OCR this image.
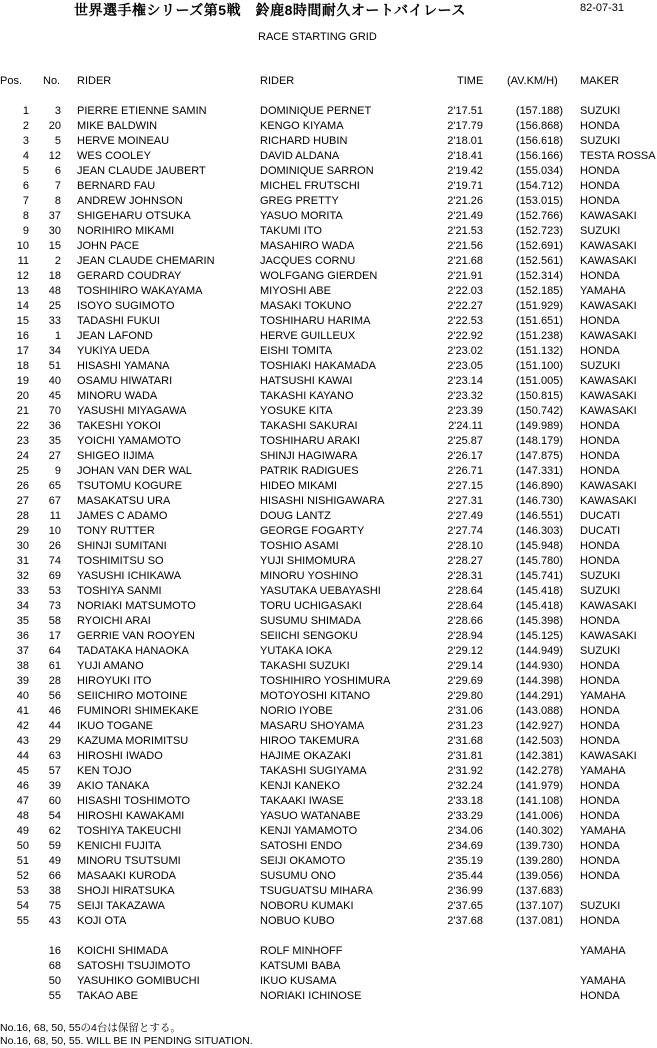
世界選手権シリーズ第5戦　鈴鹿8時間耐久オートバイレース	82-07-31
RACE STARTING GRID
Pos. No. RIDER	RIDER	TIME (AV.KM/H) MAKER
1	3 PIERRE ETIENNE SAMIN	DOMINIQUE PERNET	2'17.51	(157.188) SUZUKI
2	20 MIKE BALDWIN	KENGO KIYAMA	2'17.79	(156.868) HONDA
3	5 HERVE MOINEAU	RICHARD HUBIN	2'18.01	(156.618) SUZUKI
4	12 WES COOLEY	DAVID ALDANA	2'18.41	(156.166) TESTA ROSSA
5	6 JEAN CLAUDE JAUBERT	DOMINIQUE SARRON	2'19.42	(155.034) HONDA
6	7 BERNARD FAU	MICHEL FRUTSCHI	2'19.71	(154.712) HONDA
7	8 ANDREW JOHNSON	GREG PRETTY	2'21.26	(153.015) HONDA
8	37 SHIGEHARU OTSUKA	YASUO MORITA	2'21.49	(152.766) KAWASAKI
9	30 NORIHIRO MIKAMI	TAKUMI ITO	2'21.53	(152.723) SUZUKI
10	15 JOHN PACE	MASAHIRO WADA	2'21.56	(152.691) KAWASAKI
11	2 JEAN CLAUDE CHEMARIN	JACQUES CORNU	2'21.68	(152.561) KAWASAKI
12	18 GERARD COUDRAY	WOLFGANG GIERDEN	2'21.91	(152.314) HONDA
13	48 TOSHIHIRO WAKAYAMA	MIYOSHI ABE	2'22.03	(152.185) YAMAHA
14	25 ISOYO SUGIMOTO	MASAKI TOKUNO	2'22.27	(151.929) KAWASAKI
15	33 TADASHI FUKUI	TOSHIHARU HARIMA	2'22.53	(151.651) HONDA
16	1 JEAN LAFOND	HERVE GUILLEUX	2'22.92	(151.238) KAWASAKI
17	34 YUKIYA UEDA	EISHI TOMITA	2'23.02	(151.132) HONDA
18	51 HISASHI YAMANA	TOSHIAKI HAKAMADA	2'23.05	(151.100) SUZUKI
19	40 OSAMU HIWATARI	HATSUSHI KAWAI	2'23.14	(151.005) KAWASAKI
20	45 MINORU WADA	TAKASHI KAYANO	2'23.32	(150.815) KAWASAKI
21	70 YASUSHI MIYAGAWA	YOSUKE KITA	2'23.39	(150.742) KAWASAKI
22	36 TAKESHI YOKOI	TAKASHI SAKURAI	2'24.11	(149.989) HONDA
23	35 YOICHI YAMAMOTO	TOSHIHARU ARAKI	2'25.87	(148.179) HONDA
24	27 SHIGEO IIJIMA	SHINJI HAGIWARA	2'26.17	(147.875) HONDA
25	9 JOHAN VAN DER WAL	PATRIK RADIGUES	2'26.71	(147.331) HONDA
26	65 TSUTOMU KOGURE	HIDEO MIKAMI	2'27.15	(146.890) KAWASAKI
27	67 MASAKATSU URA	HISASHI NISHIGAWARA	2'27.31	(146.730) KAWASAKI
28	11 JAMES C ADAMO	DOUG LANTZ	2'27.49	(146.551) DUCATI
29	10 TONY RUTTER	GEORGE FOGARTY	2'27.74	(146.303) DUCATI
30	26 SHINJI SUMITANI	TOSHIO ASAMI	2'28.10	(145.948) HONDA
31	74 TOSHIMITSU SO	YUJI SHIMOMURA	2'28.27	(145.780) HONDA
32	69 YASUSHI ICHIKAWA	MINORU YOSHINO	2'28.31	(145.741) SUZUKI
33	53 TOSHIYA SANMI	YASUTAKA UEBAYASHI	2'28.64	(145.418) SUZUKI
34	73 NORIAKI MATSUMOTO	TORU UCHIGASAKI	2'28.64	(145.418) KAWASAKI
35	58 RYOICHI ARAI	SUSUMU SHIMADA	2'28.66	(145.398) HONDA
36	17 GERRIE VAN ROOYEN	SEIICHI SENGOKU	2'28.94	(145.125) KAWASAKI
37	64 TADATAKA HANAOKA	YUTAKA IOKA	2'29.12	(144.949) SUZUKI
38	61 YUJI AMANO	TAKASHI SUZUKI	2'29.14	(144.930) HONDA
39	28 HIROYUKI ITO	TOSHIHIRO YOSHIMURA	2'29.69	(144.398) HONDA
40	56 SEIICHIRO MOTOINE	MOTOYOSHI KITANO	2'29.80	(144.291) YAMAHA
41	46 FUMINORI SHIMEKAKE	NORIO IYOBE	2'31.06	(143.088) HONDA
42	44 IKUO TOGANE	MASARU SHOYAMA	2'31.23	(142.927) HONDA
43	29 KAZUMA MORIMITSU	HIROO TAKEMURA	2'31.68	(142.503) HONDA
44	63 HIROSHI IWADO	HAJIME OKAZAKI	2'31.81	(142.381) KAWASAKI
45	57 KEN TOJO	TAKASHI SUGIYAMA	2'31.92	(142.278) YAMAHA
46	39 AKIO TANAKA	KENJI KANEKO	2'32.24	(141.979) HONDA
47	60 HISASHI TOSHIMOTO	TAKAAKI IWASE	2'33.18	(141.108) HONDA
48	54 HIROSHI KAWAKAMI	YASUO WATANABE	2'33.29	(141.006) HONDA
49	62 TOSHIYA TAKEUCHI	KENJI YAMAMOTO	2'34.06	(140.302) YAMAHA
50	59 KENICHI FUJITA	SATOSHI ENDO	2'34.69	(139.730) HONDA
51	49 MINORU TSUTSUMI	SEIJI OKAMOTO	2'35.19	(139.280) HONDA
52	66 MASAAKI KURODA	SUSUMU ONO	2'35.44	(139.056) HONDA
53	38 SHOJI HIRATSUKA	TSUGUATSU MIHARA	2'36.99	(137.683)
54	75 SEIJI TAKAZAWA	NOBORU KUMAKI	2'37.65	(137.107) SUZUKI
55	43 KOJI OTA	NOBUO KUBO	2'37.68	(137.081) HONDA
16 KOICHI SHIMADA	ROLF MINHOFF	YAMAHA
68 SATOSHI TSUJIMOTO	KATSUMI BABA
50 YASUHIKO GOMIBUCHI	IKUO KUSAMA	YAMAHA
55 TAKAO ABE	NORIAKI ICHINOSE	HONDA
No.16, 68, 50, 55の4台は保留とする。
No.16, 68, 50, 55. WILL BE IN PENDING SITUATION.
